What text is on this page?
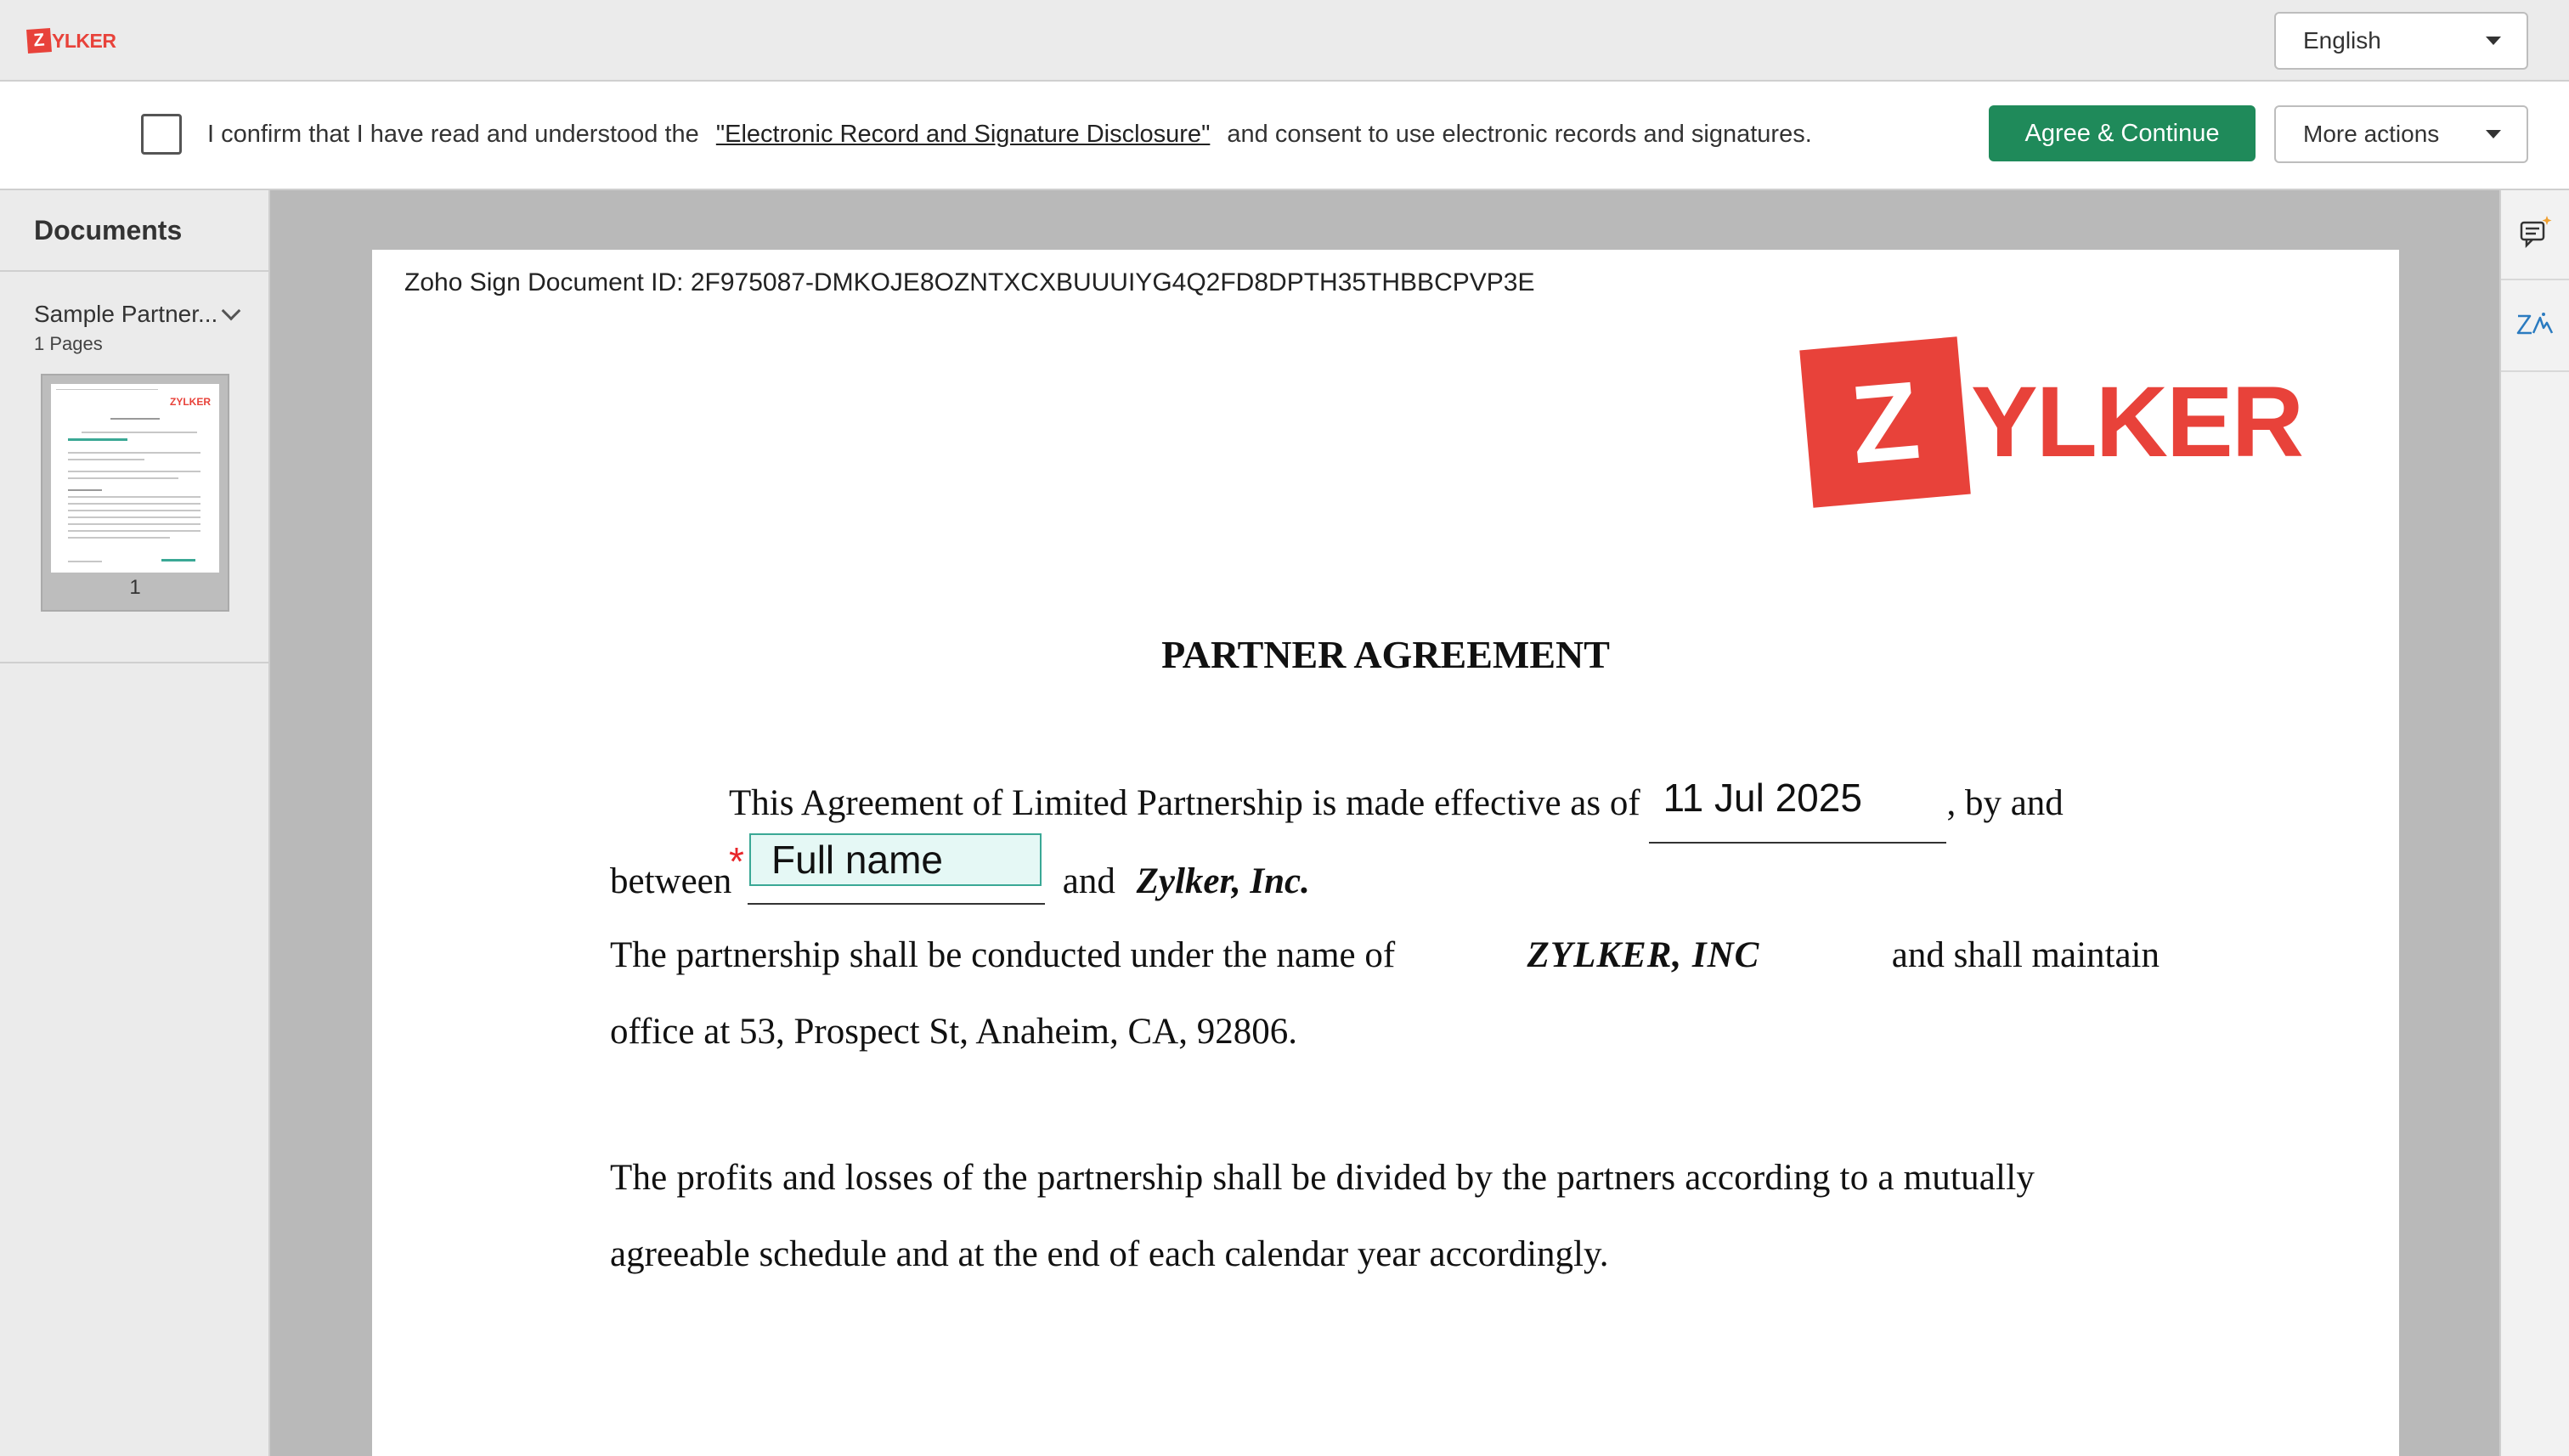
Z YLKER	English
I confirm that I have read and understood the "Electronic Record and Signature Disclosure" and consent to use electronic records and signatures.	Agree & Continue	More actions
Documents
Sample Partner...
1 Pages
ZYLKER
1
Zoho Sign Document ID: 2F975087-DMKOJE8OZNTXCXBUUUIYG4Q2FD8DPTH35THBBCPVP3E
Z YLKER
PARTNER AGREEMENT
This Agreement of Limited Partnership is made effective as of 11 Jul 2025 , by and
between
* Full name	and Zylker, Inc.
The partnership shall be conducted under the name of	ZYLKER, INC	and shall maintain
office at 53, Prospect St, Anaheim, CA, 92806.
The profits and losses of the partnership shall be divided by the partners according to a mutually
agreeable schedule and at the end of each calendar year accordingly.
